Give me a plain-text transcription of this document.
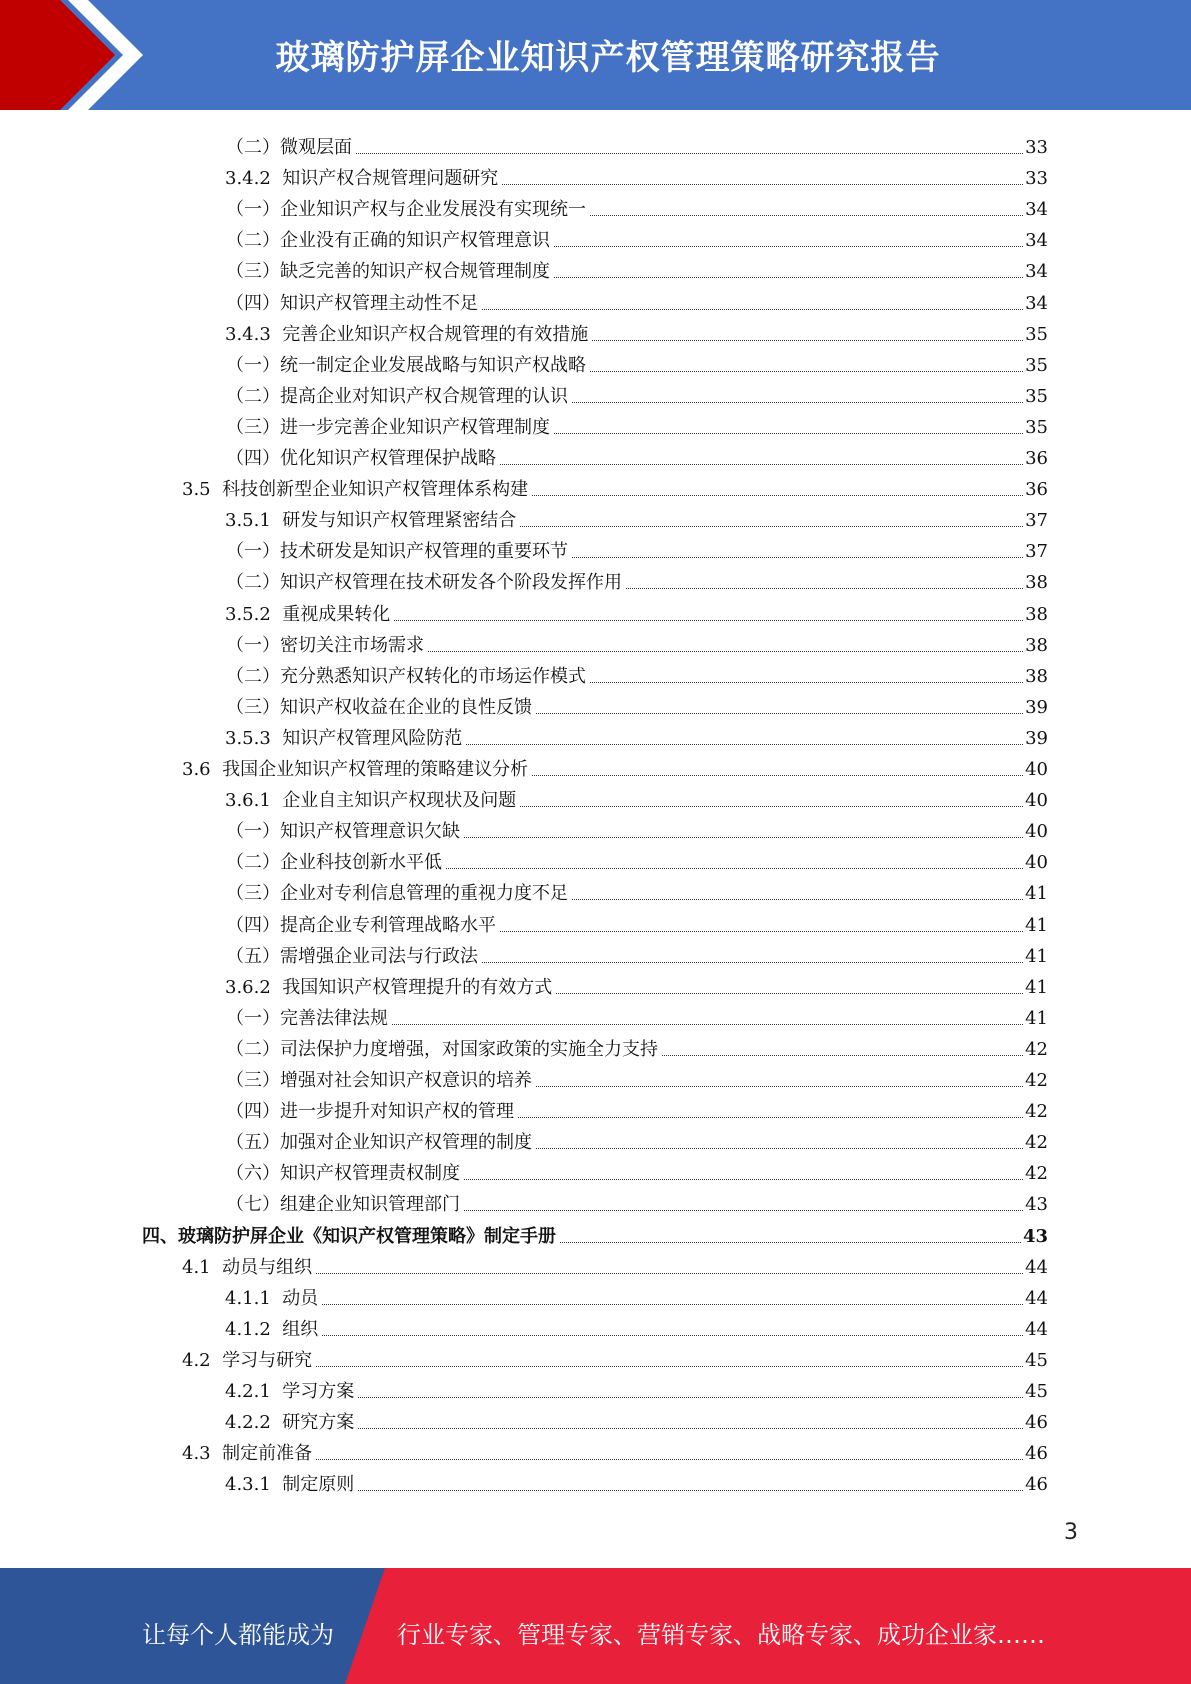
玻璃防护屏企业知识产权管理策略研究报告
（二） 微观层面	33
3.4.2 知识产权合规管理问题研究	33
（一） 企业知识产权与企业发展没有实现统一	34
（二） 企业没有正确的知识产权管理意识	34
（三） 缺乏完善的知识产权合规管理制度	34
（四） 知识产权管理主动性不足	34
3.4.3 完善企业知识产权合规管理的有效措施	35
（一） 统一制定企业发展战略与知识产权战略	35
（二） 提高企业对知识产权合规管理的认识	35
（三） 进一步完善企业知识产权管理制度	35
（四） 优化知识产权管理保护战略	36
3.5 科技创新型企业知识产权管理体系构建	36
3.5.1 研发与知识产权管理紧密结合	37
（一） 技术研发是知识产权管理的重要环节	37
（二） 知识产权管理在技术研发各个阶段发挥作用	38
3.5.2 重视成果转化	38
（一） 密切关注市场需求	38
（二） 充分熟悉知识产权转化的市场运作模式	38
（三） 知识产权收益在企业的良性反馈	39
3.5.3 知识产权管理风险防范	39
3.6 我国企业知识产权管理的策略建议分析	40
3.6.1 企业自主知识产权现状及问题	40
（一） 知识产权管理意识欠缺	40
（二） 企业科技创新水平低	40
（三） 企业对专利信息管理的重视力度不足	41
（四） 提高企业专利管理战略水平	41
（五） 需增强企业司法与行政法	41
3.6.2 我国知识产权管理提升的有效方式	41
（一） 完善法律法规	41
（二） 司法保护力度增强，对国家政策的实施全力支持	42
（三） 增强对社会知识产权意识的培养	42
（四） 进一步提升对知识产权的管理	42
（五） 加强对企业知识产权管理的制度	42
（六） 知识产权管理责权制度	42
（七） 组建企业知识管理部门	43
四、 玻璃防护屏企业《知识产权管理策略》制定手册	43
4.1 动员与组织	44
4.1.1 动员	44
4.1.2 组织	44
4.2 学习与研究	45
4.2.1 学习方案	45
4.2.2 研究方案	46
4.3 制定前准备	46
4.3.1 制定原则	46
3
让每个人都能成为	行业专家、管理专家、营销专家、战略专家、成功企业家……
